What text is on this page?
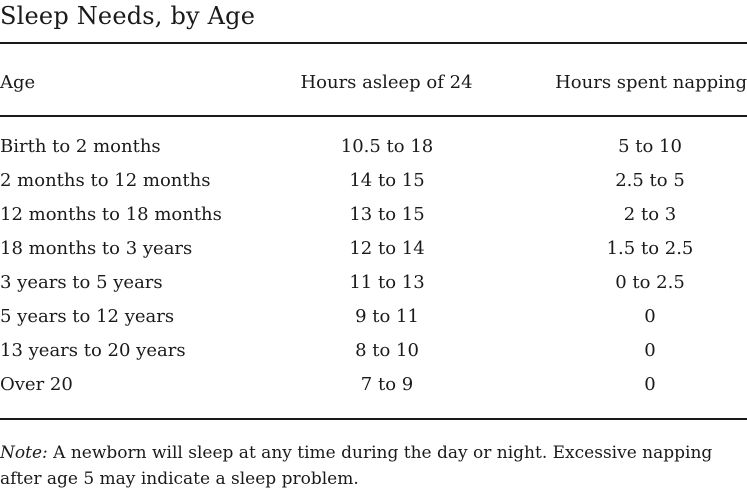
Sleep Needs, by Age
Age	Hours asleep of 24	Hours spent napping
Birth to 2 months	10.5 to 18	5 to 10
2 months to 12 months	14 to 15	2.5 to 5
12 months to 18 months	13 to 15	2 to 3
18 months to 3 years	12 to 14	1.5 to 2.5
3 years to 5 years	11 to 13	0 to 2.5
5 years to 12 years	9 to 11	0
13 years to 20 years	8 to 10	0
Over 20	7 to 9	0
Note: A newborn will sleep at any time during the day or night. Excessive napping after age 5 may indicate a sleep problem.
